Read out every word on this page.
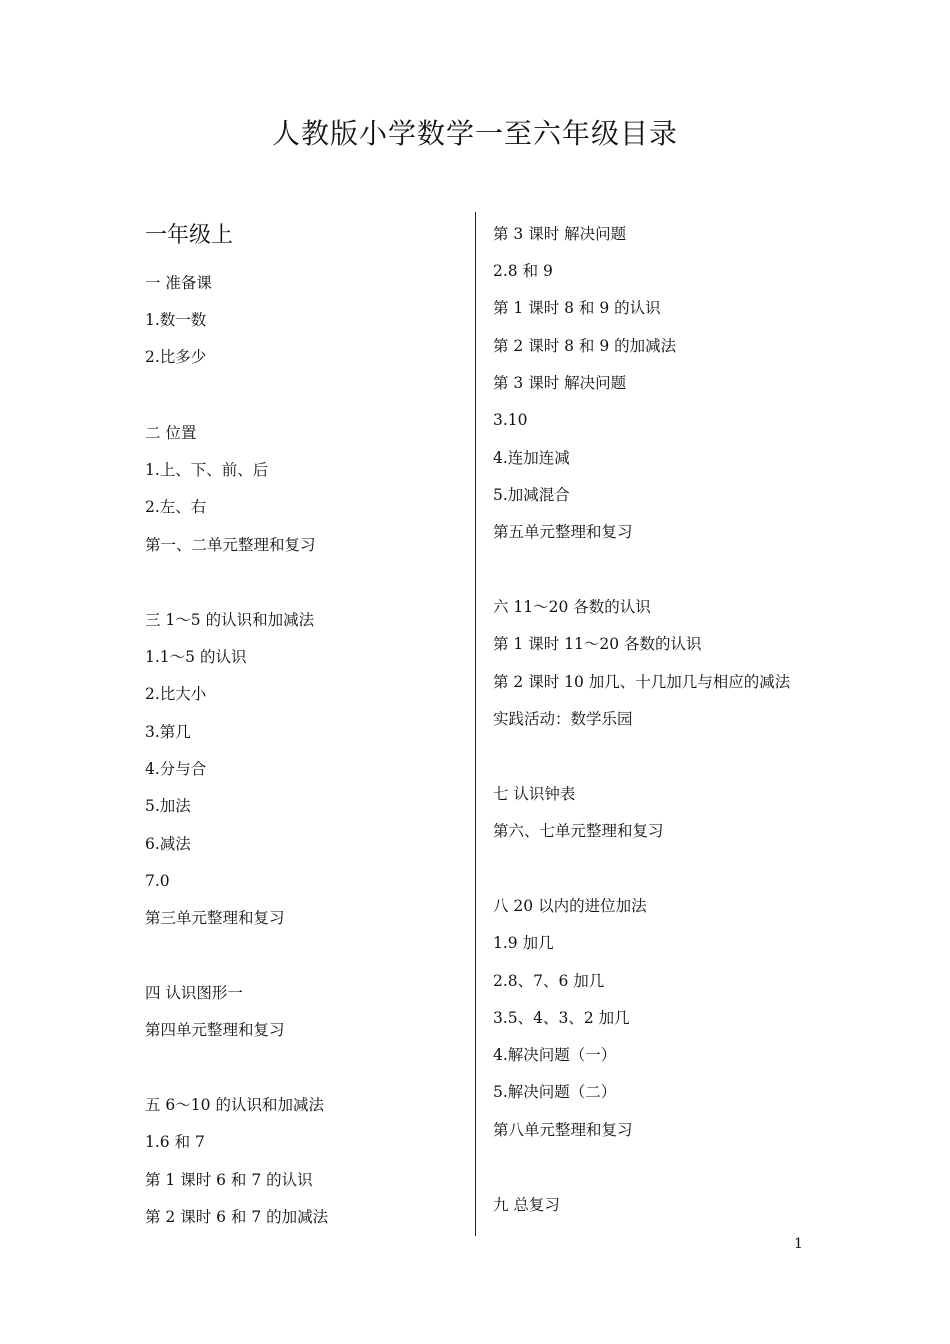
人教版小学数学一至六年级目录
一年级上
一 准备课
1.数一数
2.比多少
二 位置
1.上、下、前、后
2.左、右
第一、二单元整理和复习
三 1～5 的认识和加减法
1.1～5 的认识
2.比大小
3.第几
4.分与合
5.加法
6.减法
7.0
第三单元整理和复习
四 认识图形一
第四单元整理和复习
五 6～10 的认识和加减法
1.6 和 7
第 1 课时 6 和 7 的认识
第 2 课时 6 和 7 的加减法
第 3 课时 解决问题
2.8 和 9
第 1 课时 8 和 9 的认识
第 2 课时 8 和 9 的加减法
第 3 课时 解决问题
3.10
4.连加连减
5.加减混合
第五单元整理和复习
六 11～20 各数的认识
第 1 课时 11～20 各数的认识
第 2 课时 10 加几、十几加几与相应的减法
实践活动：数学乐园
七 认识钟表
第六、七单元整理和复习
八 20 以内的进位加法
1.9 加几
2.8、7、6 加几
3.5、4、3、2 加几
4.解决问题（一）
5.解决问题（二）
第八单元整理和复习
九 总复习
1
